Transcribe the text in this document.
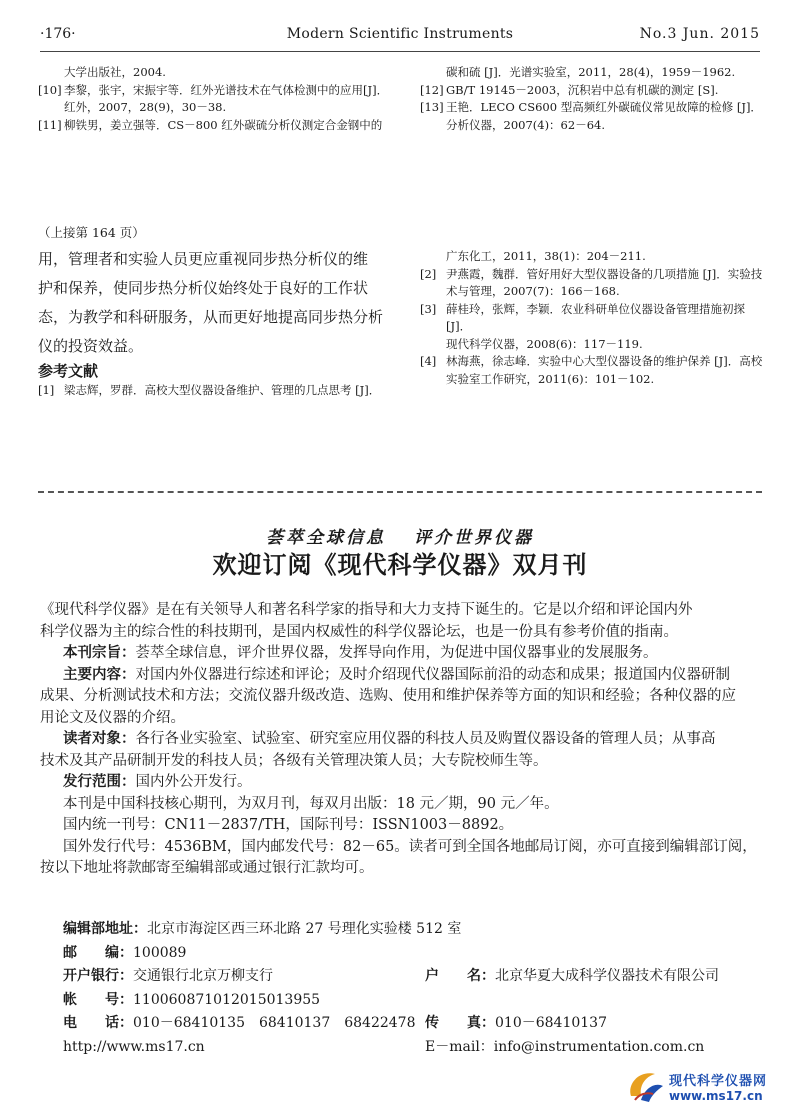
·176·	Modern Scientific Instruments	No.3 Jun. 2015
大学出版社，2004.
[10] 李黎，张宇，宋振宇等．红外光谱技术在气体检测中的应用[J]．
红外，2007，28(9)，30－38.
[11] 柳铁男，姜立强等．CS－800 红外碳硫分析仪测定合金钢中的
碳和硫 [J]．光谱实验室，2011，28(4)，1959－1962.
[12] GB/T 19145－2003，沉积岩中总有机碳的测定 [S].
[13] 王艳．LECO CS600 型高频红外碳硫仪常见故障的检修 [J]．
分析仪器，2007(4)：62－64.
（上接第 164 页）
用，管理者和实验人员更应重视同步热分析仪的维
护和保养，使同步热分析仪始终处于良好的工作状
态，为教学和科研服务，从而更好地提高同步热分析
仪的投资效益。
参考文献
[1] 梁志辉，罗群．高校大型仪器设备维护、管理的几点思考 [J]．
广东化工，2011，38(1)：204－211.
[2] 尹燕霞，魏群．管好用好大型仪器设备的几项措施 [J]．实验技
术与管理，2007(7)：166－168.
[3] 薛桂玲，张辉，李颖．农业科研单位仪器设备管理措施初探 [J]．
现代科学仪器，2008(6)：117－119.
[4] 林海燕，徐志峰．实验中心大型仪器设备的维护保养 [J]．高校
实验室工作研究，2011(6)：101－102.
荟萃全球信息 评介世界仪器
欢迎订阅《现代科学仪器》双月刊

《现代科学仪器》是在有关领导人和著名科学家的指导和大力支持下诞生的。它是以介绍和评论国内外

科学仪器为主的综合性的科技期刊，是国内权威性的科学仪器论坛，也是一份具有参考价值的指南。

本刊宗旨：荟萃全球信息，评介世界仪器，发挥导向作用，为促进中国仪器事业的发展服务。

主要内容：对国内外仪器进行综述和评论；及时介绍现代仪器国际前沿的动态和成果；报道国内仪器研制

成果、分析测试技术和方法；交流仪器升级改造、选购、使用和维护保养等方面的知识和经验；各种仪器的应

用论文及仪器的介绍。

读者对象：各行各业实验室、试验室、研究室应用仪器的科技人员及购置仪器设备的管理人员；从事高

技术及其产品研制开发的科技人员；各级有关管理决策人员；大专院校师生等。

发行范围：国内外公开发行。

本刊是中国科技核心期刊，为双月刊，每双月出版：18 元／期，90 元／年。

国内统一刊号：CN11－2837/TH，国际刊号：ISSN1003－8892。

国外发行代号：4536BM，国内邮发代号：82－65。读者可到全国各地邮局订阅，亦可直接到编辑部订阅，

按以下地址将款邮寄至编辑部或通过银行汇款均可。

编辑部地址：北京市海淀区西三环北路 27 号理化实验楼 512 室
邮　　编：100089
开户银行：交通银行北京万柳支行	户　　名：北京华夏大成科学仪器技术有限公司
帐　　号：110060871012015013955
电　　话：010－68410135　68410137　68422478 传　　真：010－68410137
http://www.ms17.cn	E－mail：info@instrumentation.com.cn
现代科学仪器网
www.ms17.cn
